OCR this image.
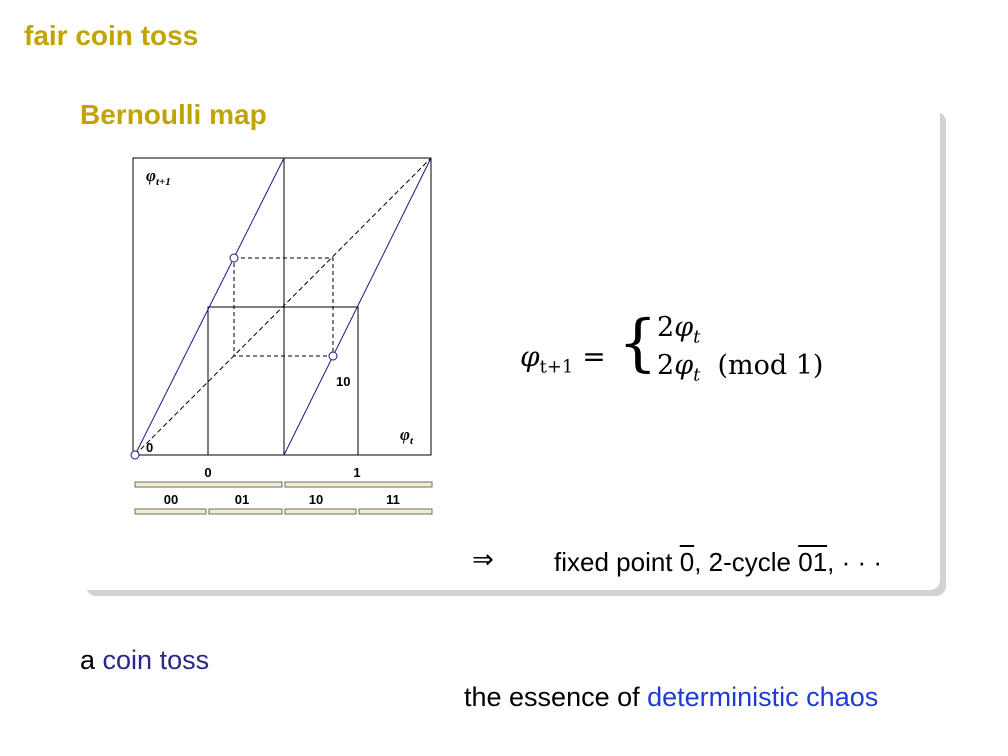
fair coin toss
Bernoulli map
$\varphi_{t+1}$
$\varphi_t$
0
10
0	1
00	01	10	11
$\varphi_{t+1}$ = { $2\varphi_t$
$2\varphi_t$ (mod 1)
⇒ fixed point 0, 2-cycle 01, · · ·
a coin toss
the essence of deterministic chaos
